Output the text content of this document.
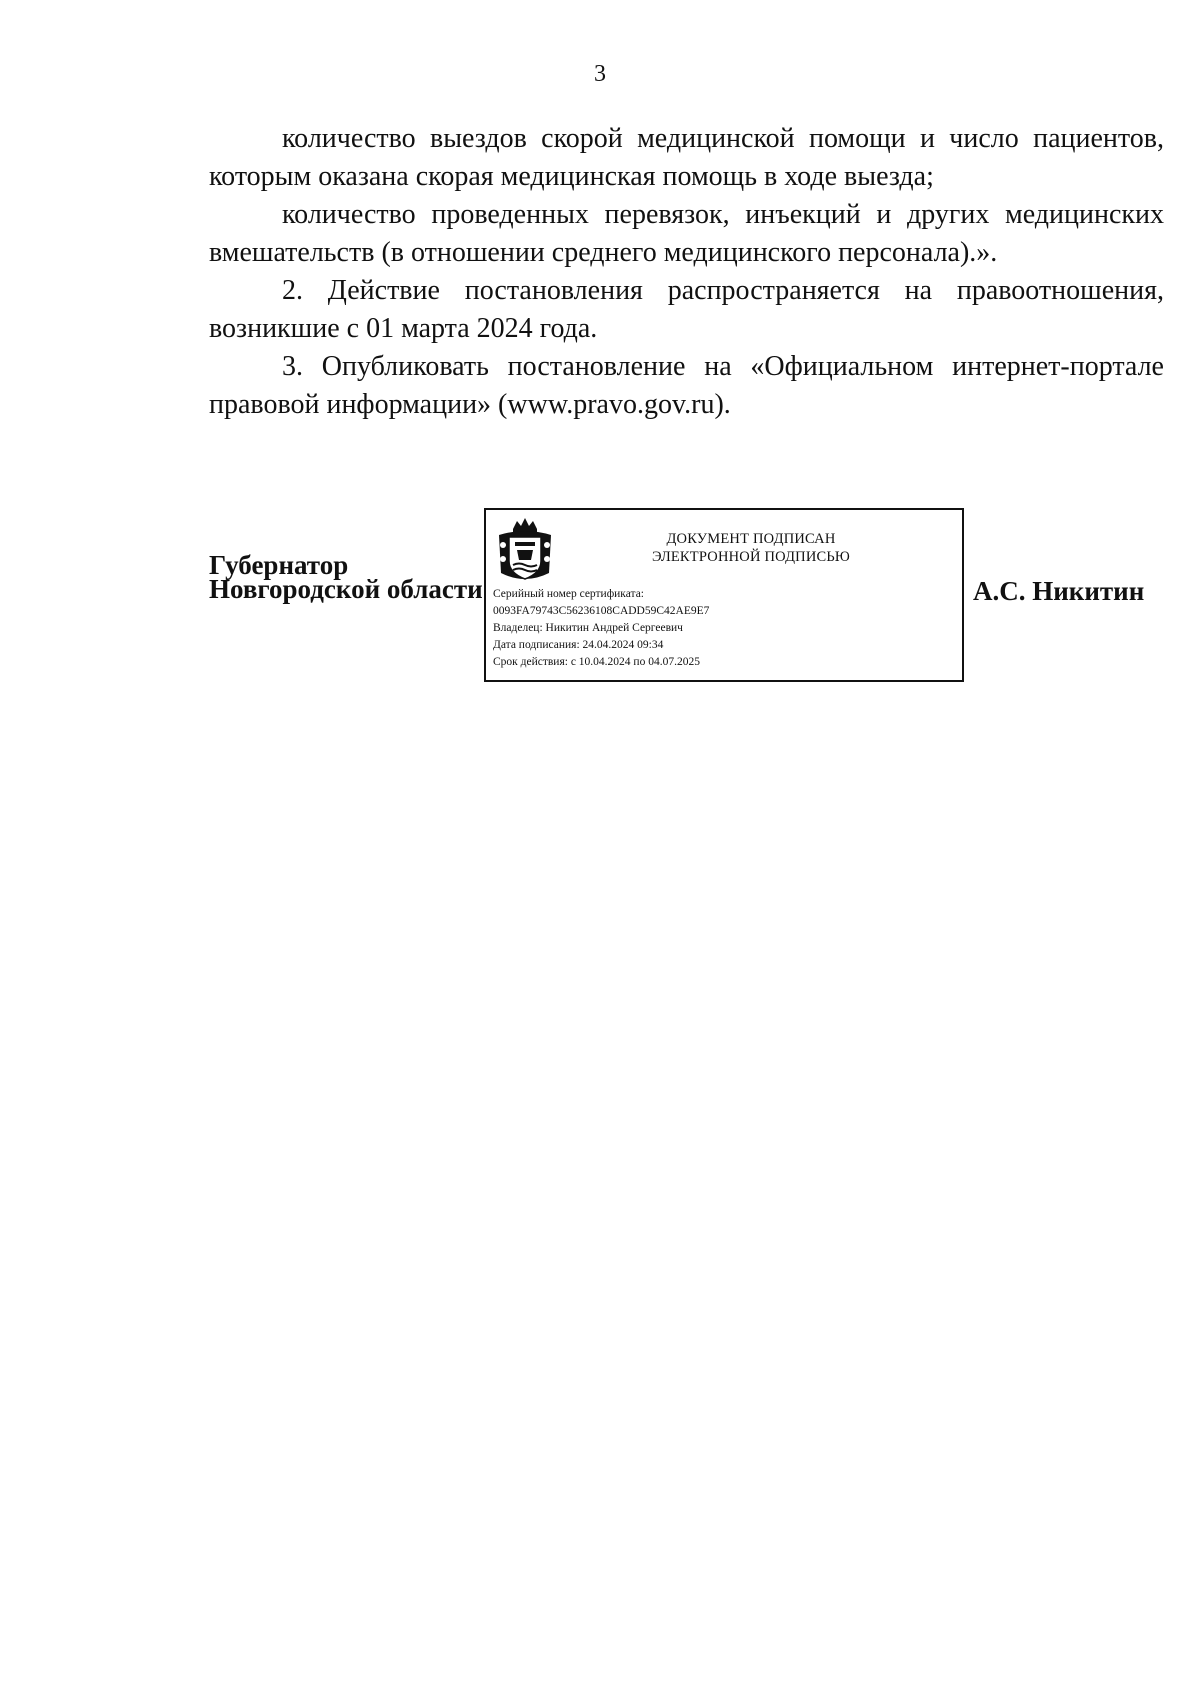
3

количество выездов скорой медицинской помощи и число пациентов, которым оказана скорая медицинская помощь в ходе выезда;

количество проведенных перевязок, инъекций и других медицинских вмешательств (в отношении среднего медицинского персонала).».

2. Действие постановления распространяется на правоотношения, возникшие с 01 марта 2024 года.

3. Опубликовать постановление на «Официальном интернет-портале правовой информации» (www.pravo.gov.ru).

Губернатор
Новгородской области
ДОКУМЕНТ ПОДПИСАН
ЭЛЕКТРОННОЙ ПОДПИСЬЮ
Серийный номер сертификата:
0093FA79743C56236108CADD59C42AE9E7
Владелец: Никитин Андрей Сергеевич
Дата подписания: 24.04.2024 09:34
Срок действия: с 10.04.2024 по 04.07.2025
А.С. Никитин
